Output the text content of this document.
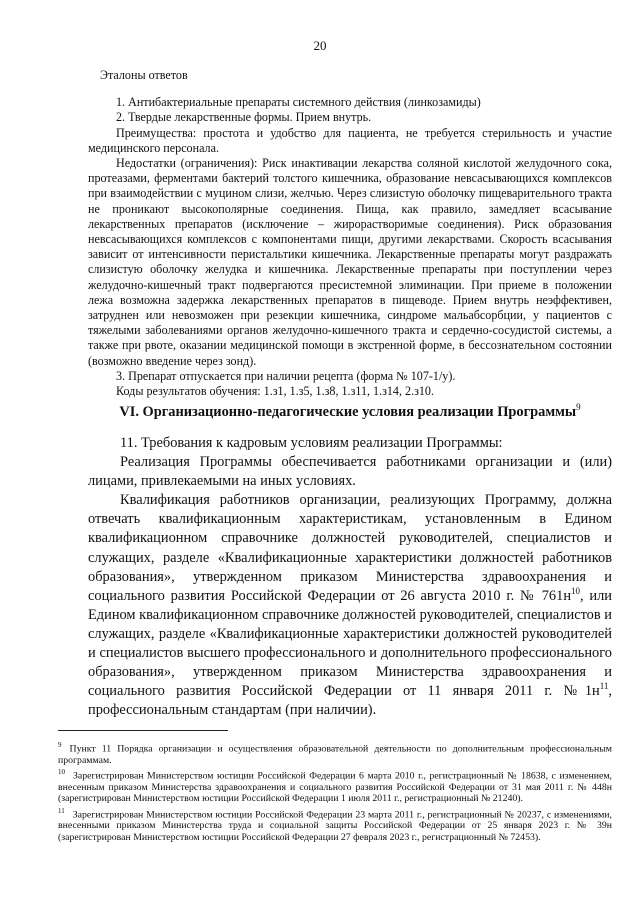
20

Эталоны ответов

1. Антибактериальные препараты системного действия (линкозамиды)

2. Твердые лекарственные формы. Прием внутрь.

Преимущества: простота и удобство для пациента, не требуется стерильность и участие медицинского персонала.

Недостатки (ограничения): Риск инактивации лекарства соляной кислотой желудочного сока, протеазами, ферментами бактерий толстого кишечника, образование невсасывающихся комплексов при взаимодействии с муцином слизи, желчью. Через слизистую оболочку пищеварительного тракта не проникают высокополярные соединения. Пища, как правило, замедляет всасывание лекарственных препаратов (исключение – жирорастворимые соединения). Риск образования невсасывающихся комплексов с компонентами пищи, другими лекарствами. Скорость всасывания зависит от интенсивности перистальтики кишечника. Лекарственные препараты могут раздражать слизистую оболочку желудка и кишечника. Лекарственные препараты при поступлении через желудочно-кишечный тракт подвергаются пресистемной элиминации. При приеме в положении лежа возможна задержка лекарственных препаратов в пищеводе. Прием внутрь неэффективен, затруднен или невозможен при резекции кишечника, синдроме мальабсорбции, у пациентов с тяжелыми заболеваниями органов желудочно-кишечного тракта и сердечно-сосудистой системы, а также при рвоте, оказании медицинской помощи в экстренной форме, в бессознательном состоянии (возможно введение через зонд).

3. Препарат отпускается при наличии рецепта (форма № 107-1/у).

Коды результатов обучения: 1.з1, 1.з5, 1.з8, 1.з11, 1.з14, 2.з10.

VI. Организационно-педагогические условия реализации Программы$^9$

11. Требования к кадровым условиям реализации Программы:

Реализация Программы обеспечивается работниками организации и (или) лицами, привлекаемыми на иных условиях.

Квалификация работников организации, реализующих Программу, должна отвечать квалификационным характеристикам, установленным в Едином квалификационном справочнике должностей руководителей, специалистов и служащих, разделе «Квалификационные характеристики должностей работников образования», утвержденном приказом Министерства здравоохранения и социального развития Российской Федерации от 26 августа 2010 г. № $761н^{10}$, или Едином квалификационном справочнике должностей руководителей, специалистов и служащих, разделе «Квалификационные характеристики должностей руководителей и специалистов высшего профессионального и дополнительного профессионального образования», утвержденном приказом Министерства здравоохранения и социального развития Российской Федерации от 11 января 2011 г. $№1н^{11}$, профессиональным стандартам (при наличии).

$^9$ Пункт 11 Порядка организации и осуществления образовательной деятельности по дополнительным профессиональным программам.

$^{10}$ Зарегистрирован Министерством юстиции Российской Федерации 6 марта 2010 г., регистрационный № 18638, с изменением, внесенным приказом Министерства здравоохранения и социального развития Российской Федерации от 31 мая 2011 г. № 448н (зарегистрирован Министерством юстиции Российской Федерации 1 июля 2011 г., регистрационный № 21240).

$^{11}$ Зарегистрирован Министерством юстиции Российской Федерации 23 марта 2011 г., регистрационный № 20237, с изменениями, внесенными приказом Министерства труда и социальной защиты Российской Федерации от 25 января 2023 г. № 39н (зарегистрирован Министерством юстиции Российской Федерации 27 февраля 2023 г., регистрационный № 72453).
